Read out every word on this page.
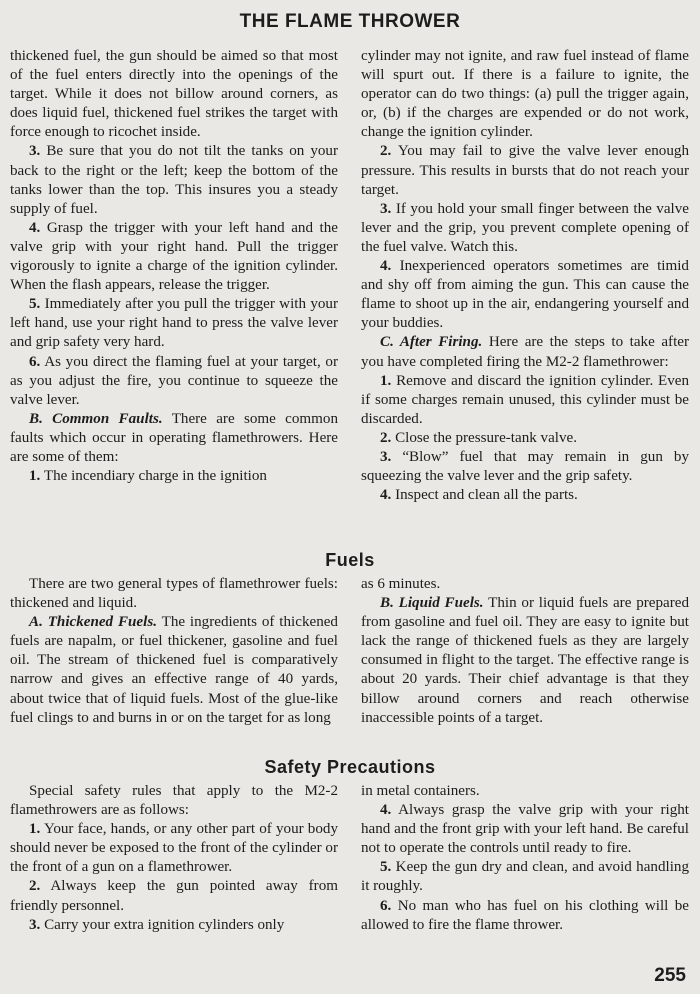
THE FLAME THROWER

thickened fuel, the gun should be aimed so that most of the fuel enters directly into the openings of the target. While it does not billow around corners, as does liquid fuel, thickened fuel strikes the target with force enough to ricochet inside.

3. Be sure that you do not tilt the tanks on your back to the right or the left; keep the bottom of the tanks lower than the top. This insures you a steady supply of fuel.

4. Grasp the trigger with your left hand and the valve grip with your right hand. Pull the trigger vigorously to ignite a charge of the ignition cylinder. When the flash appears, release the trigger.

5. Immediately after you pull the trigger with your left hand, use your right hand to press the valve lever and grip safety very hard.

6. As you direct the flaming fuel at your target, or as you adjust the fire, you continue to squeeze the valve lever.

B. Common Faults. There are some common faults which occur in operating flamethrowers. Here are some of them:

1. The incendiary charge in the ignition

cylinder may not ignite, and raw fuel instead of flame will spurt out. If there is a failure to ignite, the operator can do two things: (a) pull the trigger again, or, (b) if the charges are expended or do not work, change the ignition cylinder.

2. You may fail to give the valve lever enough pressure. This results in bursts that do not reach your target.

3. If you hold your small finger between the valve lever and the grip, you prevent complete opening of the fuel valve. Watch this.

4. Inexperienced operators sometimes are timid and shy off from aiming the gun. This can cause the flame to shoot up in the air, endangering yourself and your buddies.

C. After Firing. Here are the steps to take after you have completed firing the M2-2 flamethrower:

1. Remove and discard the ignition cylinder. Even if some charges remain unused, this cylinder must be discarded.

2. Close the pressure-tank valve.

3. “Blow” fuel that may remain in gun by squeezing the valve lever and the grip safety.

4. Inspect and clean all the parts.

Fuels

There are two general types of flamethrower fuels: thickened and liquid.

A. Thickened Fuels. The ingredients of thickened fuels are napalm, or fuel thickener, gasoline and fuel oil. The stream of thickened fuel is comparatively narrow and gives an effective range of 40 yards, about twice that of liquid fuels. Most of the glue-like fuel clings to and burns in or on the target for as long

as 6 minutes.

B. Liquid Fuels. Thin or liquid fuels are prepared from gasoline and fuel oil. They are easy to ignite but lack the range of thickened fuels as they are largely consumed in flight to the target. The effective range is about 20 yards. Their chief advantage is that they billow around corners and reach otherwise inaccessible points of a target.

Safety Precautions

Special safety rules that apply to the M2-2 flamethrowers are as follows:

1. Your face, hands, or any other part of your body should never be exposed to the front of the cylinder or the front of a gun on a flamethrower.

2. Always keep the gun pointed away from friendly personnel.

3. Carry your extra ignition cylinders only

in metal containers.

4. Always grasp the valve grip with your right hand and the front grip with your left hand. Be careful not to operate the controls until ready to fire.

5. Keep the gun dry and clean, and avoid handling it roughly.

6. No man who has fuel on his clothing will be allowed to fire the flame thrower.

255
